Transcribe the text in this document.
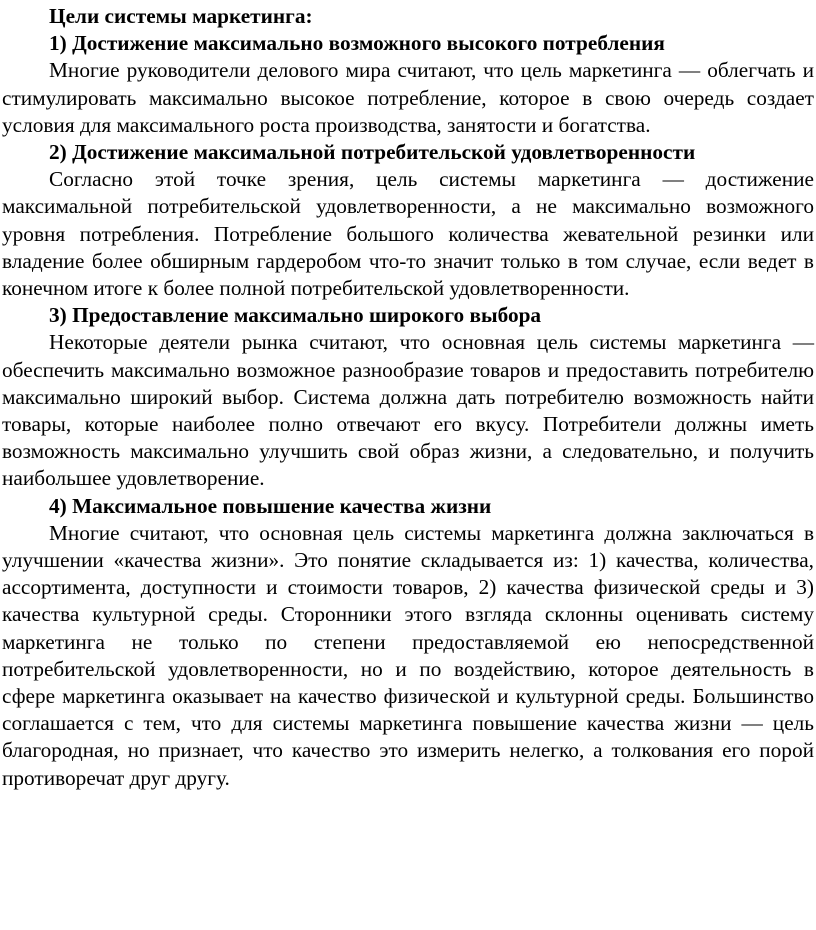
Цели системы маркетинга:

1) Достижение максимально возможного высокого потребления

Многие руководители делового мира считают, что цель маркетинга — облегчать и стимулировать максимально высокое потребление, которое в свою очередь создает условия для максимального роста производства, занятости и богатства.

2) Достижение максимальной потребительской удовлетворенности

Согласно этой точке зрения, цель системы маркетинга — достижение максимальной потребительской удовлетворенности, а не максимально возможного уровня потребления. Потребление большого количества жевательной резинки или владение более обширным гардеробом что-то значит только в том случае, если ведет в конечном итоге к более полной потребительской удовлетворенности.

3) Предоставление максимально широкого выбора

Некоторые деятели рынка считают, что основная цель системы маркетинга — обеспечить максимально возможное разнообразие товаров и предоставить потребителю максимально широкий выбор. Система должна дать потребителю возможность найти товары, которые наиболее полно отвечают его вкусу. Потребители должны иметь возможность максимально улучшить свой образ жизни, а следовательно, и получить наибольшее удовлетворение.

4) Максимальное повышение качества жизни

Многие считают, что основная цель системы маркетинга должна заключаться в улучшении «качества жизни». Это понятие складывается из: 1) качества, количества, ассортимента, доступности и стоимости товаров, 2) качества физической среды и 3) качества культурной среды. Сторонники этого взгляда склонны оценивать систему маркетинга не только по степени предоставляемой ею непосредственной потребительской удовлетворенности, но и по воздействию, которое деятельность в сфере маркетинга оказывает на качество физической и культурной среды. Большинство соглашается с тем, что для системы маркетинга повышение качества жизни — цель благородная, но признает, что качество это измерить нелегко, а толкования его порой противоречат друг другу.
